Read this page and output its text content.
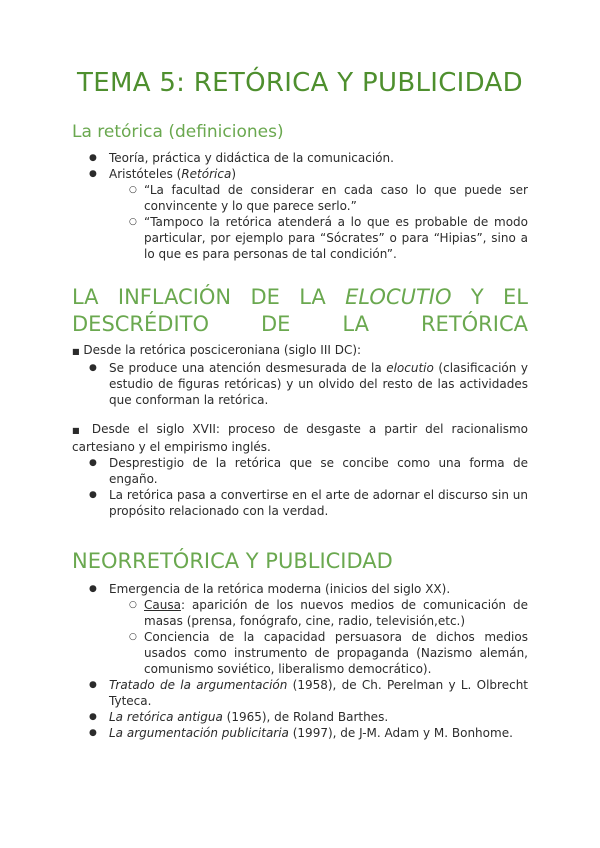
TEMA 5: RETÓRICA Y PUBLICIDAD
La retórica (definiciones)
● Teoría, práctica y didáctica de la comunicación.
● Aristóteles (Retórica)
○ “La facultad de considerar en cada caso lo que puede ser convincente y lo que parece serlo.”
○ “Tampoco la retórica atenderá a lo que es probable de modo particular, por ejemplo para “Sócrates” o para “Hipias”, sino a lo que es para personas de tal condición”.
LA INFLACIÓN DE LA ELOCUTIO Y EL DESCRÉDITO DE LA RETÓRICA
■ Desde la retórica posciceroniana (siglo III DC):
● Se produce una atención desmesurada de la elocutio (clasificación y estudio de figuras retóricas) y un olvido del resto de las actividades que conforman la retórica.
■ Desde el siglo XVII: proceso de desgaste a partir del racionalismo cartesiano y el empirismo inglés.
● Desprestigio de la retórica que se concibe como una forma de engaño.
● La retórica pasa a convertirse en el arte de adornar el discurso sin un propósito relacionado con la verdad.
NEORRETÓRICA Y PUBLICIDAD
● Emergencia de la retórica moderna (inicios del siglo XX).
○ Causa: aparición de los nuevos medios de comunicación de masas (prensa, fonógrafo, cine, radio, televisión,etc.)
○ Conciencia de la capacidad persuasora de dichos medios usados como instrumento de propaganda (Nazismo alemán, comunismo soviético, liberalismo democrático).
● Tratado de la argumentación (1958), de Ch. Perelman y L. Olbrecht Tyteca.
● La retórica antigua (1965), de Roland Barthes.
● La argumentación publicitaria (1997), de J-M. Adam y M. Bonhome.
